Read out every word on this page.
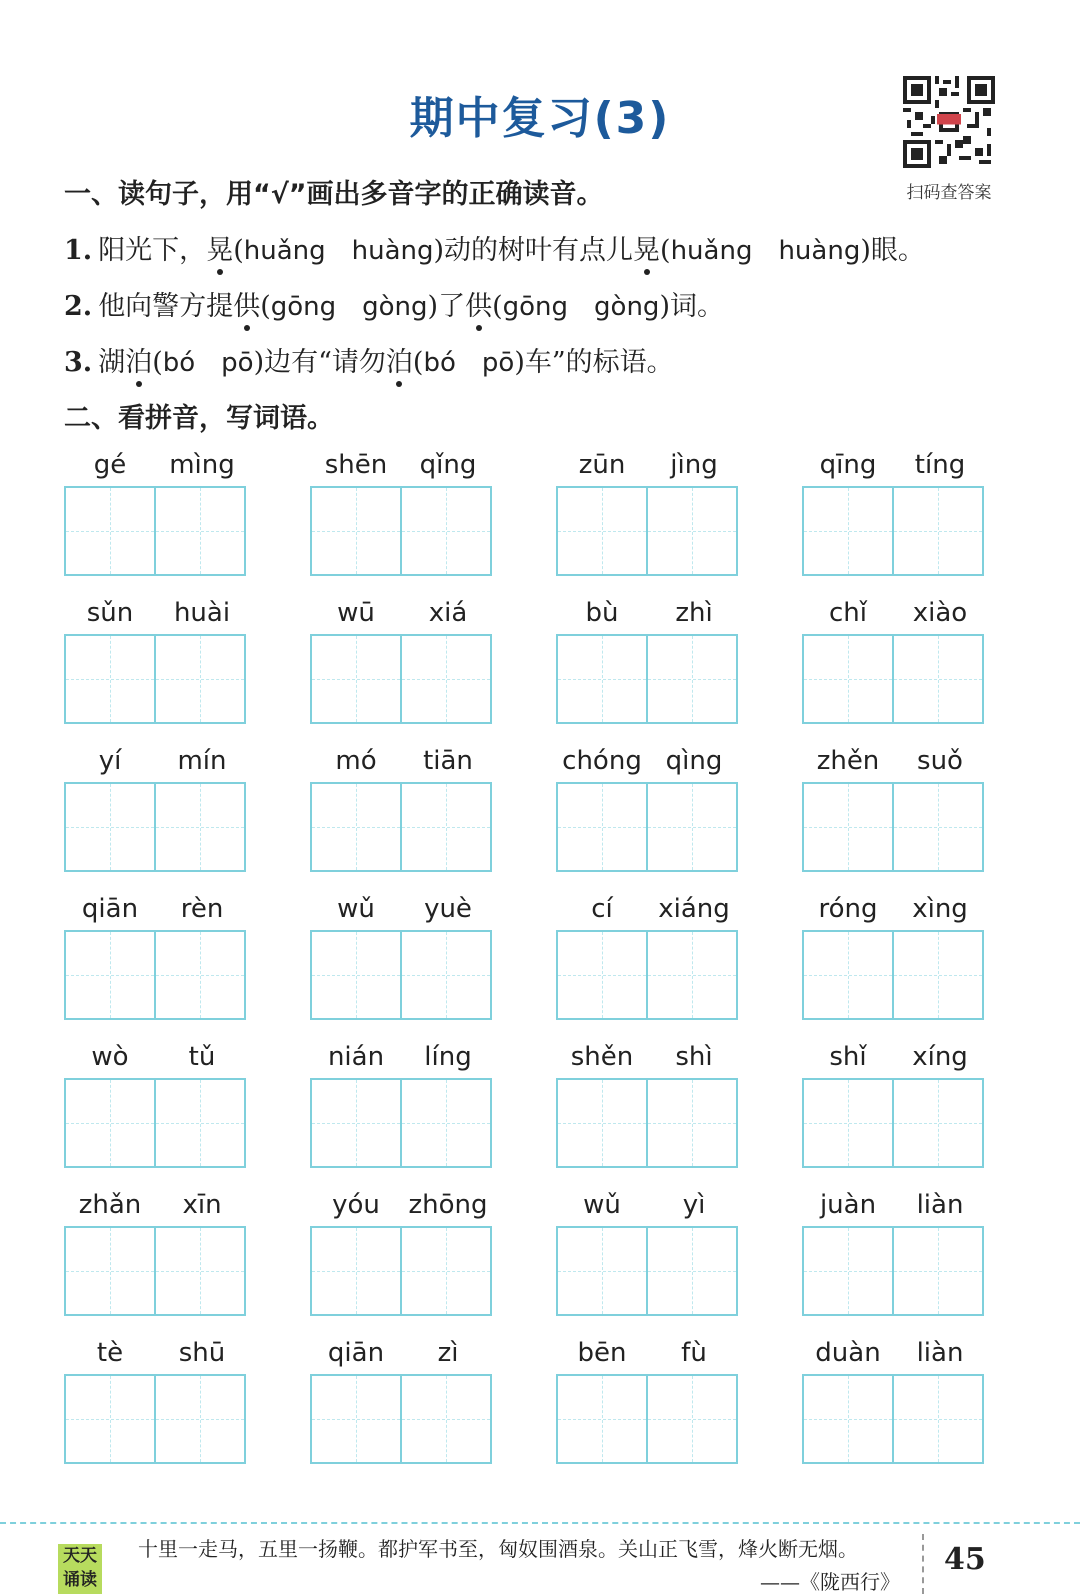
期中复习(3)
扫码查答案
一、读句子，用“√”画出多音字的正确读音。
1. 阳光下，晃(huǎng huàng)动的树叶有点儿晃(huǎng huàng)眼。
2. 他向警方提供(gōng gòng)了供(gōng gòng)词。
3. 湖泊(bó pō)边有“请勿泊(bó pō)车”的标语。
二、看拼音，写词语。
gé	mìng	shēn	qǐng	zūn	jìng	qīng	tíng
sǔn	huài	wū	xiá	bù	zhì	chǐ	xiào
yí	mín	mó	tiān	chóng qìng	zhěn	suǒ
qiān	rèn	wǔ	yuè	cí	xiáng	róng	xìng
wò	tǔ	nián	líng	shěn	shì	shǐ	xíng
zhǎn	xīn	yóu	zhōng	wǔ	yì	juàn	liàn
tè	shū	qiān	zì	bēn	fù	duàn	liàn
天天
诵读
十里一走马，五里一扬鞭。都护军书至，匈奴围酒泉。关山正飞雪，烽火断无烟。
——《陇西行》
45
